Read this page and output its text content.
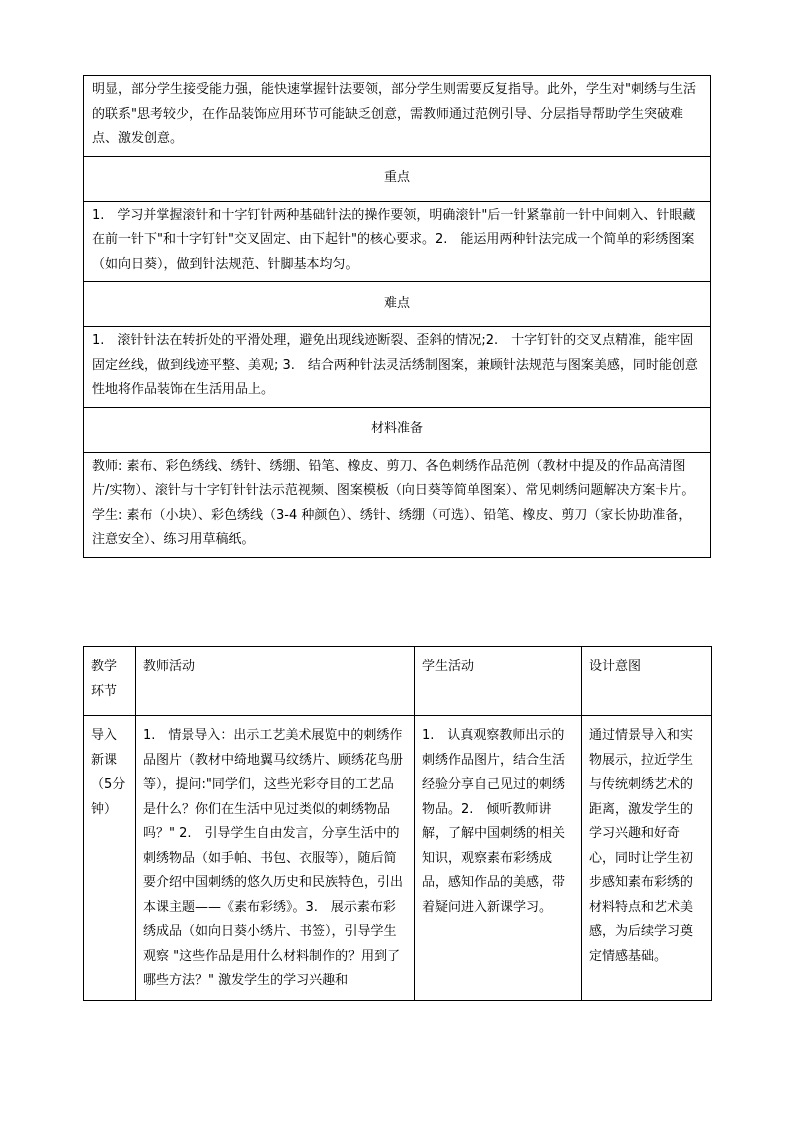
明显，部分学生接受能力强，能快速掌握针法要领，部分学生则需要反复指导。此外，学生对"刺绣与生活的联系"思考较少，在作品装饰应用环节可能缺乏创意，需教师通过范例引导、分层指导帮助学生突破难点、激发创意。
重点
1.　学习并掌握滚针和十字钉针两种基础针法的操作要领，明确滚针"后一针紧靠前一针中间刺入、针眼藏在前一针下"和十字钉针"交叉固定、由下起针"的核心要求。2.　能运用两种针法完成一个简单的彩绣图案（如向日葵），做到针法规范、针脚基本均匀。
难点
1.　滚针针法在转折处的平滑处理，避免出现线迹断裂、歪斜的情况;2.　十字钉针的交叉点精准，能牢固固定丝线，做到线迹平整、美观; 3.　结合两种针法灵活绣制图案，兼顾针法规范与图案美感，同时能创意性地将作品装饰在生活用品上。
材料准备
教师: 素布、彩色绣线、绣针、绣绷、铅笔、橡皮、剪刀、各色刺绣作品范例（教材中提及的作品高清图片/实物）、滚针与十字钉针针法示范视频、图案模板（向日葵等简单图案）、常见刺绣问题解决方案卡片。学生: 素布（小块）、彩色绣线（3-4 种颜色）、绣针、绣绷（可选）、铅笔、橡皮、剪刀（家长协助准备，注意安全）、练习用草稿纸。
教学环节	教师活动	学生活动	设计意图
导入新课（5分钟）	1.　情景导入：出示工艺美术展览中的刺绣作品图片（教材中绮地翼马纹绣片、顾绣花鸟册等），提问:"同学们，这些光彩夺目的工艺品是什么？你们在生活中见过类似的刺绣物品吗？" 2.　引导学生自由发言，分享生活中的刺绣物品（如手帕、书包、衣服等），随后简要介绍中国刺绣的悠久历史和民族特色，引出本课主题——《素布彩绣》。3.　展示素布彩绣成品（如向日葵小绣片、书签），引导学生观察 "这些作品是用什么材料制作的？用到了哪些方法？" 激发学生的学习兴趣和	1.　认真观察教师出示的刺绣作品图片，结合生活经验分享自己见过的刺绣物品。2.　倾听教师讲解，了解中国刺绣的相关知识，观察素布彩绣成品，感知作品的美感，带着疑问进入新课学习。	通过情景导入和实物展示，拉近学生与传统刺绣艺术的距离，激发学生的学习兴趣和好奇心，同时让学生初步感知素布彩绣的材料特点和艺术美感，为后续学习奠定情感基础。
